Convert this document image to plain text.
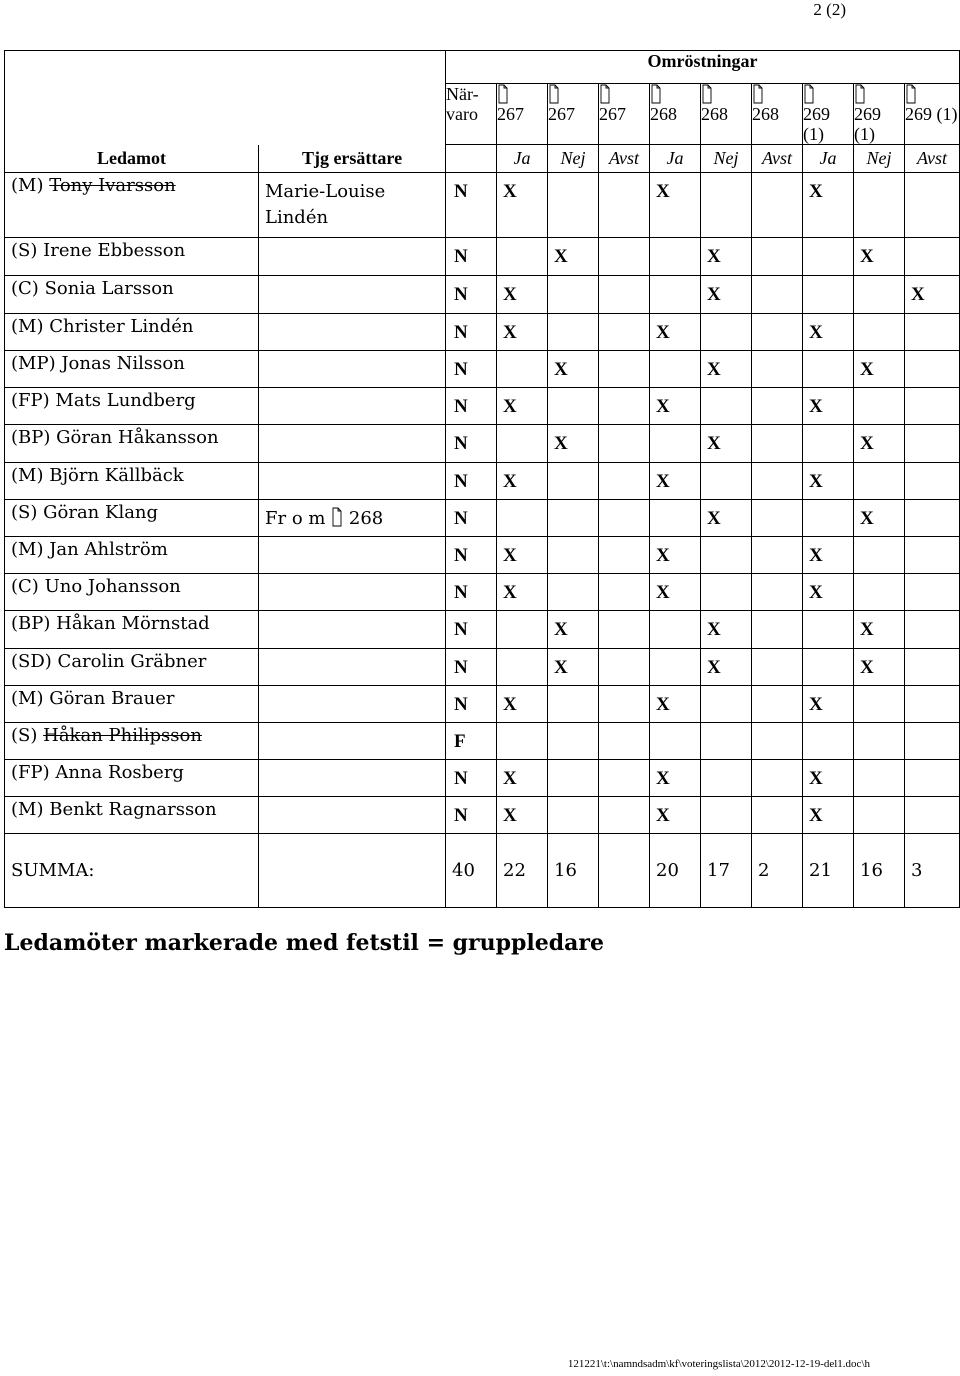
2 (2)
		Omröstningar									
		När-varo	267	267	267	268	268	268	269 (1)	269 (1)	269 (1)
Ledamot	Tjg ersättare		Ja	Nej	Avst	Ja	Nej	Avst	Ja	Nej	Avst
(M) Tony Ivarsson	Marie-Louise Lindén	N	X			X			X		
(S) Irene Ebbesson		N		X			X			X	
(C) Sonia Larsson		N	X				X				X
(M) Christer Lindén		N	X			X			X		
(MP) Jonas Nilsson		N		X			X			X	
(FP) Mats Lundberg		N	X			X			X		
(BP) Göran Håkansson		N		X			X			X	
(M) Björn Källbäck		N	X			X			X		
(S) Göran Klang	Fr o m  268	N					X			X	
(M) Jan Ahlström		N	X			X			X		
(C) Uno Johansson		N	X			X			X		
(BP) Håkan Mörnstad		N		X			X			X	
(SD) Carolin Gräbner		N		X			X			X	
(M) Göran Brauer		N	X			X			X		
(S) Håkan Philipsson		F									
(FP) Anna Rosberg		N	X			X			X		
(M) Benkt Ragnarsson		N	X			X			X		
SUMMA:		40	22	16		20	17	2	21	16	3
Ledamöter markerade med fetstil = gruppledare
121221\t:\namndsadm\kf\voteringslista\2012\2012-12-19-del1.doc\h
